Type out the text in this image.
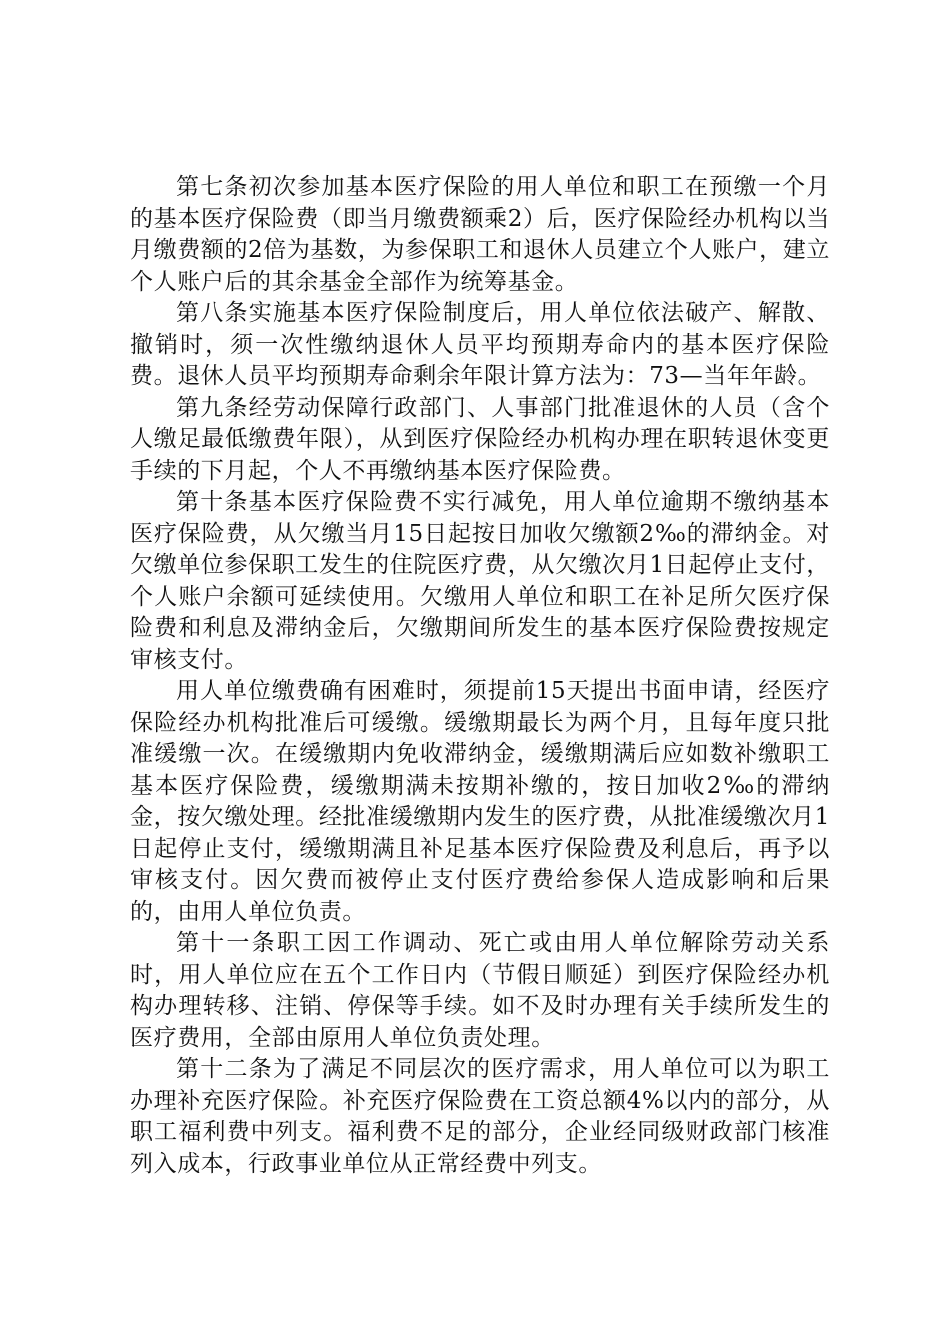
第七条初次参加基本医疗保险的用人单位和职工在预缴一个月的基本医疗保险费（即当月缴费额乘2）后，医疗保险经办机构以当月缴费额的2倍为基数，为参保职工和退休人员建立个人账户，建立个人账户后的其余基金全部作为统筹基金。

第八条实施基本医疗保险制度后，用人单位依法破产、解散、撤销时，须一次性缴纳退休人员平均预期寿命内的基本医疗保险费。退休人员平均预期寿命剩余年限计算方法为：73—当年年龄。

第九条经劳动保障行政部门、人事部门批准退休的人员（含个人缴足最低缴费年限），从到医疗保险经办机构办理在职转退休变更手续的下月起，个人不再缴纳基本医疗保险费。

第十条基本医疗保险费不实行减免，用人单位逾期不缴纳基本医疗保险费，从欠缴当月15日起按日加收欠缴额2‰的滞纳金。对欠缴单位参保职工发生的住院医疗费，从欠缴次月1日起停止支付，个人账户余额可延续使用。欠缴用人单位和职工在补足所欠医疗保险费和利息及滞纳金后，欠缴期间所发生的基本医疗保险费按规定审核支付。

用人单位缴费确有困难时，须提前15天提出书面申请，经医疗保险经办机构批准后可缓缴。缓缴期最长为两个月，且每年度只批准缓缴一次。在缓缴期内免收滞纳金，缓缴期满后应如数补缴职工基本医疗保险费，缓缴期满未按期补缴的，按日加收2‰的滞纳金，按欠缴处理。经批准缓缴期内发生的医疗费，从批准缓缴次月1日起停止支付，缓缴期满且补足基本医疗保险费及利息后，再予以审核支付。因欠费而被停止支付医疗费给参保人造成影响和后果的，由用人单位负责。

第十一条职工因工作调动、死亡或由用人单位解除劳动关系时，用人单位应在五个工作日内（节假日顺延）到医疗保险经办机构办理转移、注销、停保等手续。如不及时办理有关手续所发生的医疗费用，全部由原用人单位负责处理。

第十二条为了满足不同层次的医疗需求，用人单位可以为职工办理补充医疗保险。补充医疗保险费在工资总额4%以内的部分，从职工福利费中列支。福利费不足的部分，企业经同级财政部门核准列入成本，行政事业单位从正常经费中列支。
